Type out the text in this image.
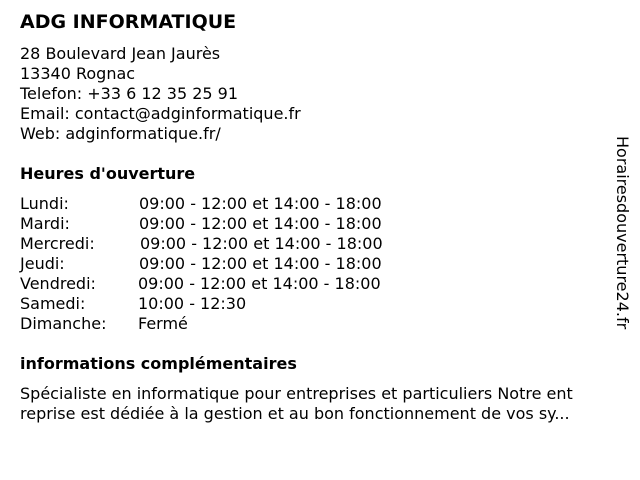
ADG INFORMATIQUE
28 Boulevard Jean Jaurès
13340 Rognac
Telefon: +33 6 12 35 25 91
Email: contact@adginformatique.fr
Web: adginformatique.fr/
Heures d'ouverture
Lundi:	09:00 - 12:00 et 14:00 - 18:00
Mardi:	09:00 - 12:00 et 14:00 - 18:00
Mercredi:	09:00 - 12:00 et 14:00 - 18:00
Jeudi:	09:00 - 12:00 et 14:00 - 18:00
Vendredi:	09:00 - 12:00 et 14:00 - 18:00
Samedi:	10:00 - 12:30
Dimanche: Fermé
informations complémentaires
Spécialiste en informatique pour entreprises et particuliers Notre ent
reprise est dédiée à la gestion et au bon fonctionnement de vos sy...
Horairesdouverture24.fr
